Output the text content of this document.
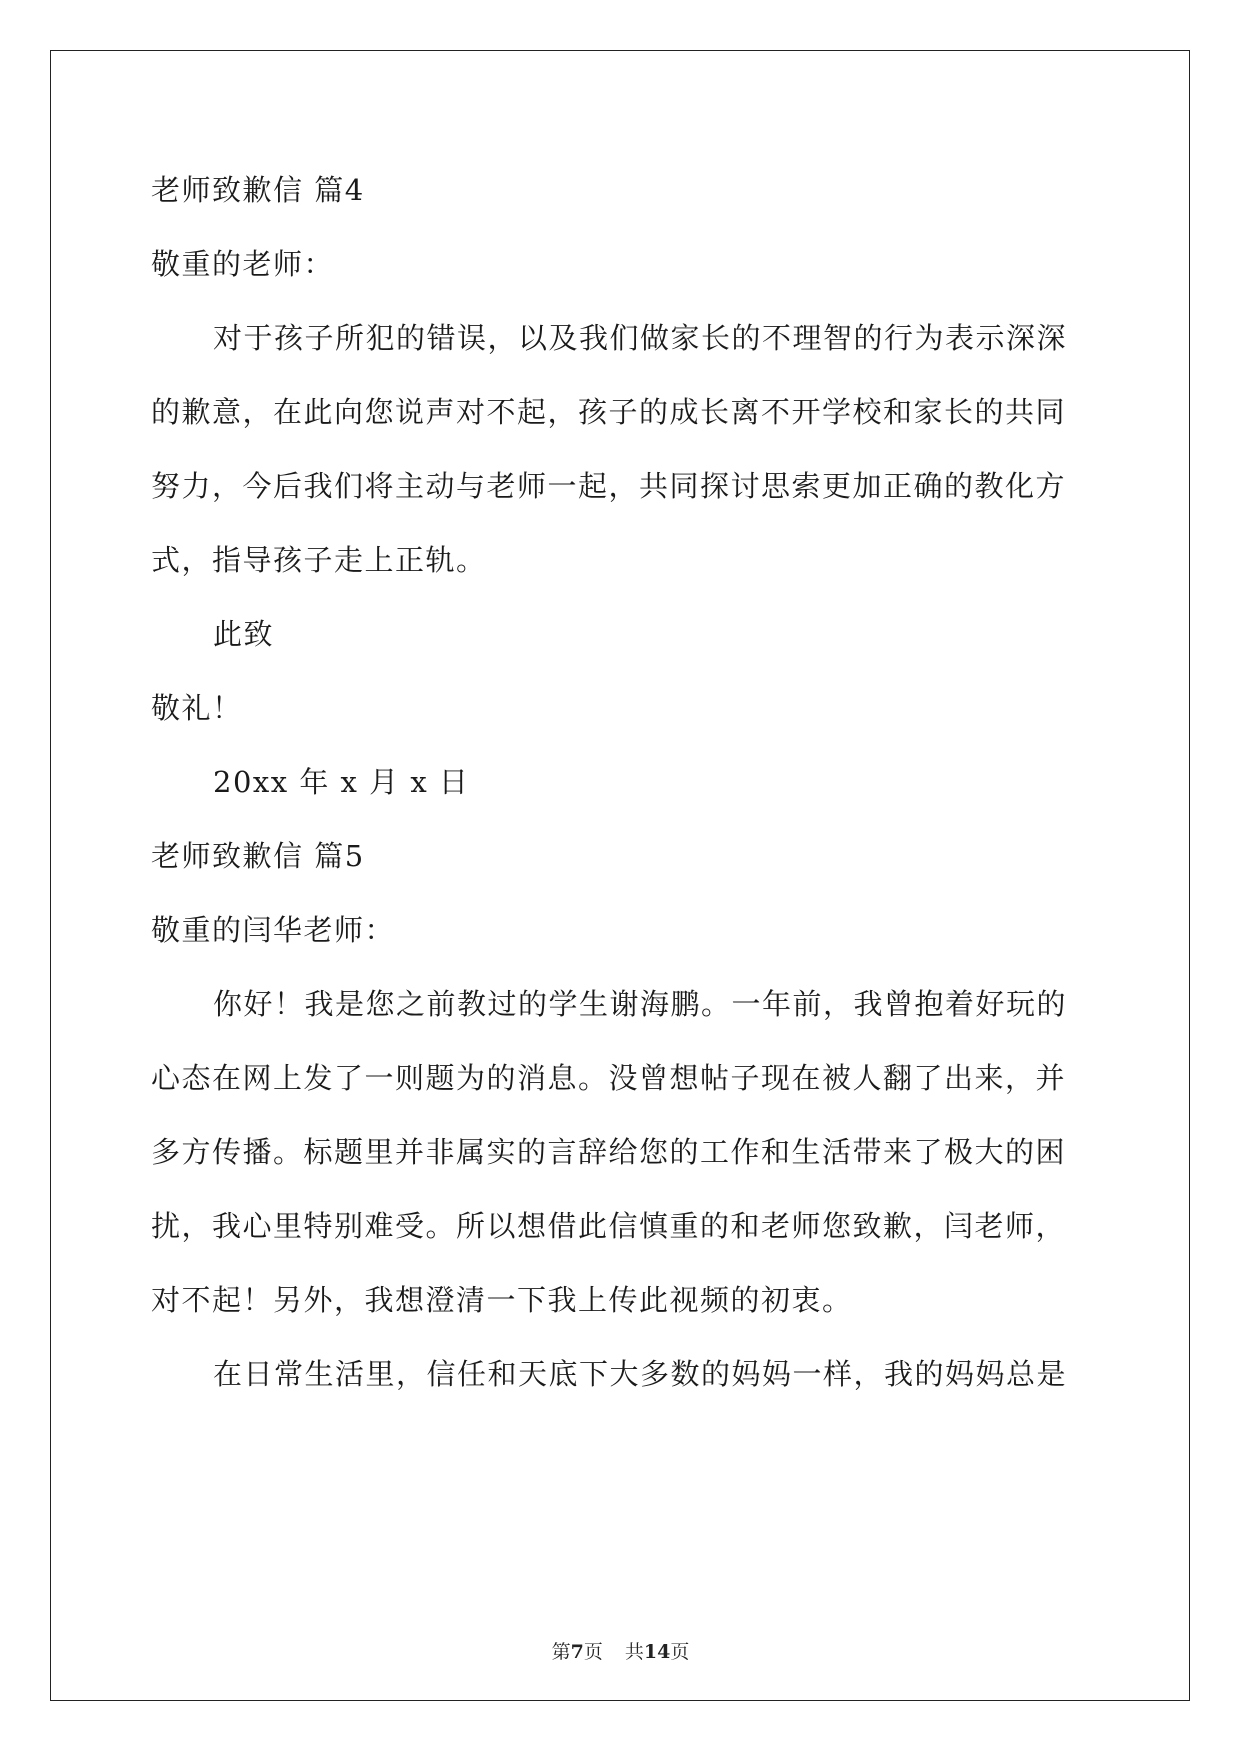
老师致歉信 篇4
敬重的老师：
对于孩子所犯的错误，以及我们做家长的不理智的行为表示深深
的歉意，在此向您说声对不起，孩子的成长离不开学校和家长的共同
努力，今后我们将主动与老师一起，共同探讨思索更加正确的教化方
式，指导孩子走上正轨。
此致
敬礼！
20xx 年 x 月 x 日
老师致歉信 篇5
敬重的闫华老师：
你好！我是您之前教过的学生谢海鹏。一年前，我曾抱着好玩的
心态在网上发了一则题为的消息。没曾想帖子现在被人翻了出来，并
多方传播。标题里并非属实的言辞给您的工作和生活带来了极大的困
扰，我心里特别难受。所以想借此信慎重的和老师您致歉，闫老师，
对不起！另外，我想澄清一下我上传此视频的初衷。
在日常生活里，信任和天底下大多数的妈妈一样，我的妈妈总是
第7页 共14页
